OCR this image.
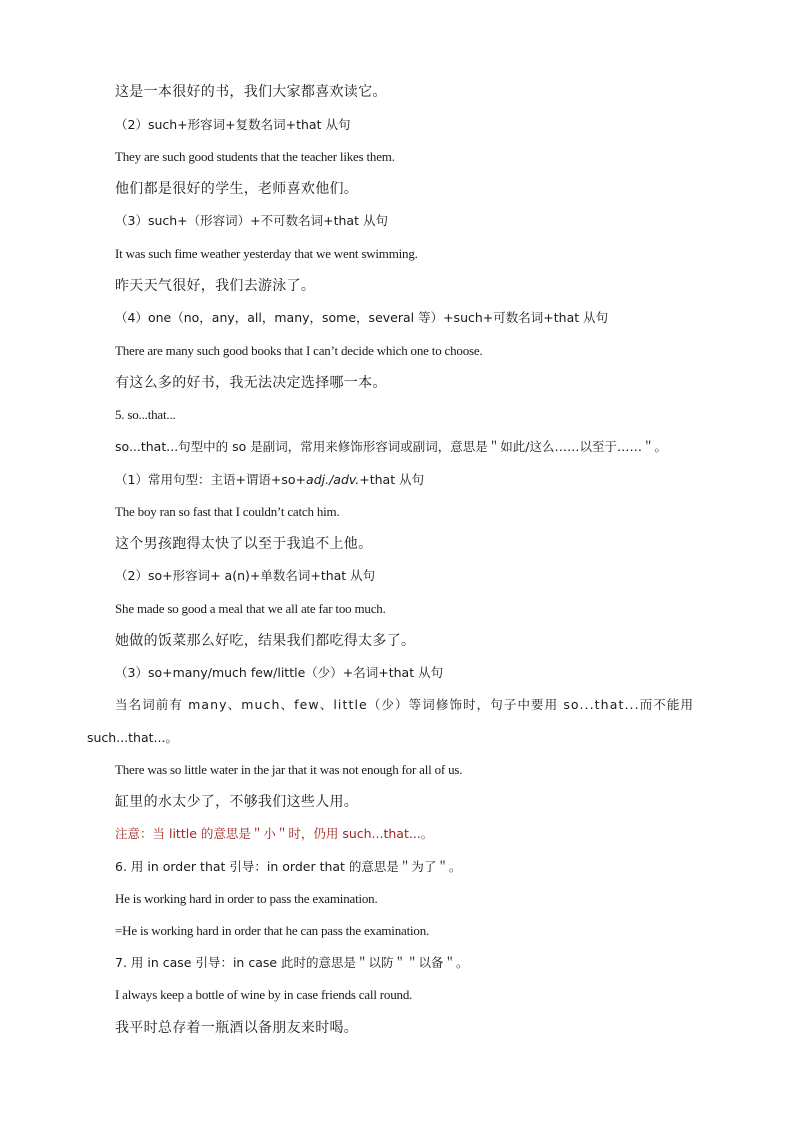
这是一本很好的书，我们大家都喜欢读它。
（2）such+形容词+复数名词+that 从句
They are such good students that the teacher likes them.
他们都是很好的学生，老师喜欢他们。
（3）such+（形容词）+不可数名词+that 从句
It was such fime weather yesterday that we went swimming.
昨天天气很好，我们去游泳了。
（4）one（no，any，all，many，some，several 等）+such+可数名词+that 从句
There are many such good books that I can’t decide which one to choose.
有这么多的好书，我无法决定选择哪一本。
5. so...that...
so...that...句型中的 so 是副词，常用来修饰形容词或副词，意思是＂如此/这么……以至于……＂。
（1）常用句型：主语+谓语+so+adj./adv.+that 从句
The boy ran so fast that I couldn’t catch him.
这个男孩跑得太快了以至于我追不上他。
（2）so+形容词+ a(n)+单数名词+that 从句
She made so good a meal that we all ate far too much.
她做的饭菜那么好吃，结果我们都吃得太多了。
（3）so+many/much few/little（少）+名词+that 从句
当名词前有 many、much、few、little（少）等词修饰时，句子中要用 so...that...而不能用
such...that...。
There was so little water in the jar that it was not enough for all of us.
缸里的水太少了，不够我们这些人用。
注意：当 little 的意思是＂小＂时，仍用 such...that...。
6. 用 in order that 引导：in order that 的意思是＂为了＂。
He is working hard in order to pass the examination.
=He is working hard in order that he can pass the examination.
7. 用 in case 引导：in case 此时的意思是＂以防＂＂以备＂。
I always keep a bottle of wine by in case friends call round.
我平时总存着一瓶酒以备朋友来时喝。
